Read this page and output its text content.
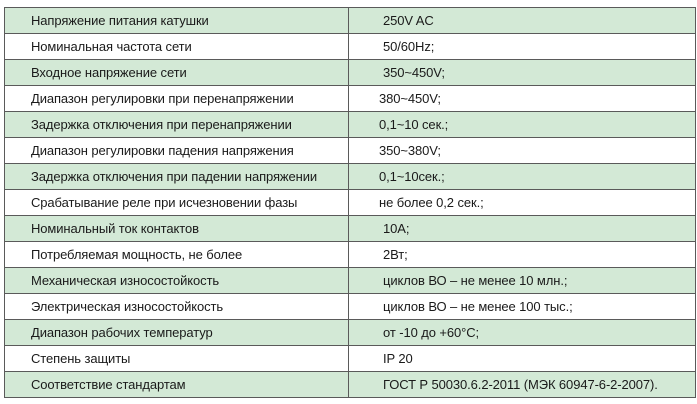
Напряжение питания катушки	250V AC
Номинальная частота сети	50/60Hz;
Входное напряжение сети	350~450V;
Диапазон регулировки при перенапряжении	380~450V;
Задержка отключения при перенапряжении	0,1~10 сек.;
Диапазон регулировки падения напряжения	350~380V;
Задержка отключения при падении напряжении	0,1~10сек.;
Срабатывание реле при исчезновении фазы	не более 0,2 сек.;
Номинальный ток контактов	10A;
Потребляемая мощность, не более	2Вт;
Механическая износостойкость	циклов ВО – не менее 10 млн.;
Электрическая износостойкость	циклов ВО – не менее 100 тыс.;
Диапазон рабочих температур	от -10 до +60°С;
Степень защиты	IP 20
Соответствие стандартам	ГОСТ Р 50030.6.2-2011 (МЭК 60947-6-2-2007).
